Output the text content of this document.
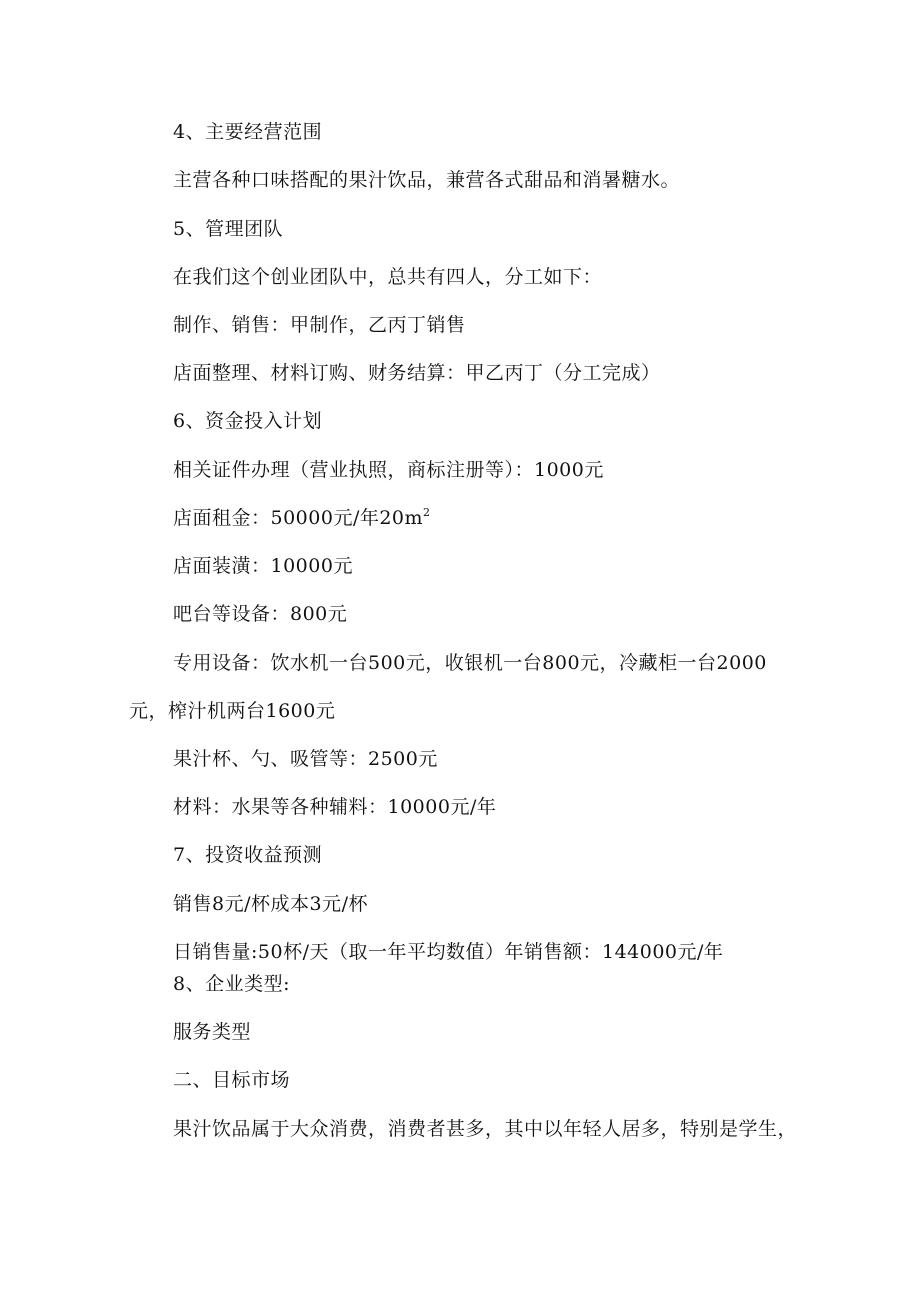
4、主要经营范围
主营各种口味搭配的果汁饮品，兼营各式甜品和消暑糖水。
5、管理团队
在我们这个创业团队中，总共有四人，分工如下：
制作、销售：甲制作，乙丙丁销售
店面整理、材料订购、财务结算：甲乙丙丁（分工完成）
6、资金投入计划
相关证件办理（营业执照，商标注册等）：1000元
店面租金：50000元/年$20m^2$
店面装潢：10000元
吧台等设备：800元
专用设备：饮水机一台500元，收银机一台800元，冷藏柜一台2000
元，榨汁机两台1600元
果汁杯、勺、吸管等：2500元
材料：水果等各种辅料：10000元/年
7、投资收益预测
销售8元/杯成本3元/杯
日销售量:50杯/天（取一年平均数值）年销售额：144000元/年
8、企业类型:
服务类型
二、目标市场
果汁饮品属于大众消费，消费者甚多，其中以年轻人居多，特别是学生，
